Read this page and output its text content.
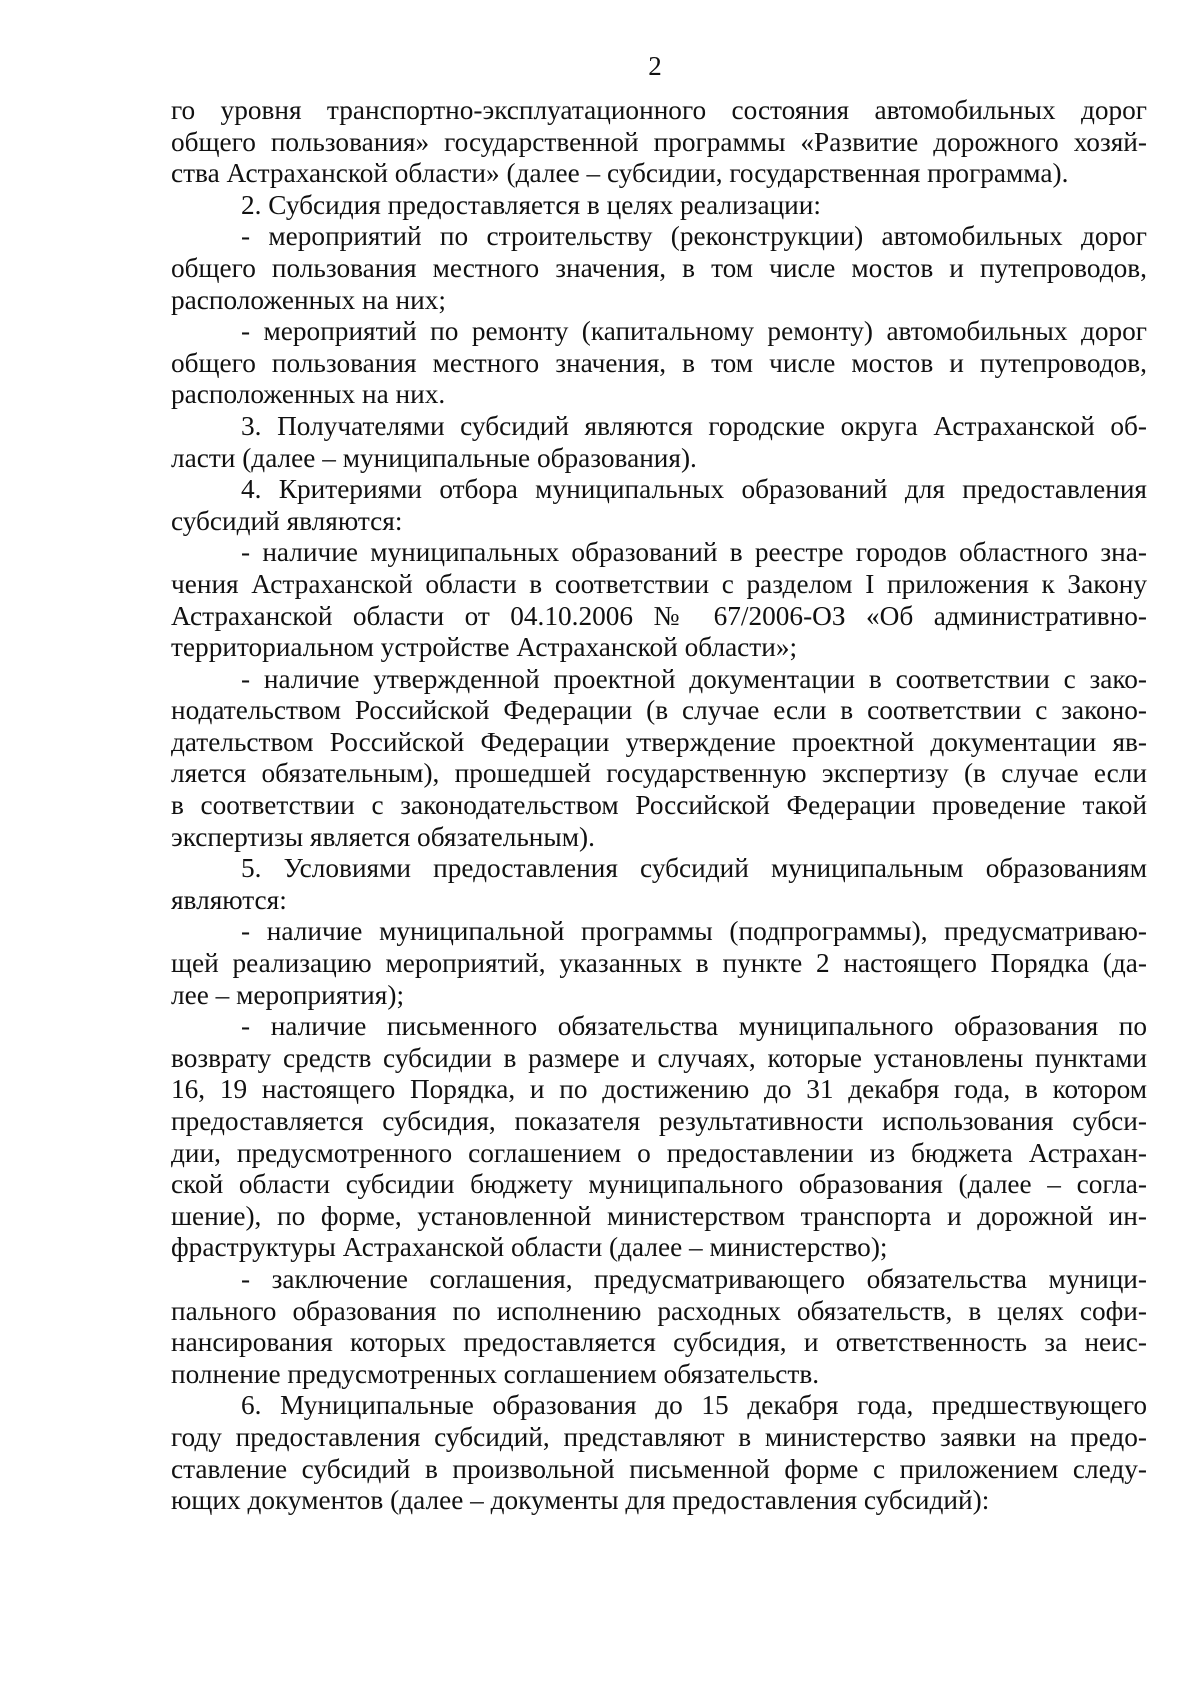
2
го уровня транспортно-эксплуатационного состояния автомобильных дорог
общего пользования» государственной программы «Развитие дорожного хозяй-
ства Астраханской области» (далее – субсидии, государственная программа).
2. Субсидия предоставляется в целях реализации:
- мероприятий по строительству (реконструкции) автомобильных дорог
общего пользования местного значения, в том числе мостов и путепроводов,
расположенных на них;
- мероприятий по ремонту (капитальному ремонту) автомобильных дорог
общего пользования местного значения, в том числе мостов и путепроводов,
расположенных на них.
3. Получателями субсидий являются городские округа Астраханской об-
ласти (далее – муниципальные образования).
4. Критериями отбора муниципальных образований для предоставления
субсидий являются:
- наличие муниципальных образований в реестре городов областного зна-
чения Астраханской области в соответствии с разделом I приложения к Закону
Астраханской области от 04.10.2006 № 67/2006-ОЗ «Об административно-
территориальном устройстве Астраханской области»;
- наличие утвержденной проектной документации в соответствии с зако-
нодательством Российской Федерации (в случае если в соответствии с законо-
дательством Российской Федерации утверждение проектной документации яв-
ляется обязательным), прошедшей государственную экспертизу (в случае если
в соответствии с законодательством Российской Федерации проведение такой
экспертизы является обязательным).
5. Условиями предоставления субсидий муниципальным образованиям
являются:
- наличие муниципальной программы (подпрограммы), предусматриваю-
щей реализацию мероприятий, указанных в пункте 2 настоящего Порядка (да-
лее – мероприятия);
- наличие письменного обязательства муниципального образования по
возврату средств субсидии в размере и случаях, которые установлены пунктами
16, 19 настоящего Порядка, и по достижению до 31 декабря года, в котором
предоставляется субсидия, показателя результативности использования субси-
дии, предусмотренного соглашением о предоставлении из бюджета Астрахан-
ской области субсидии бюджету муниципального образования (далее – согла-
шение), по форме, установленной министерством транспорта и дорожной ин-
фраструктуры Астраханской области (далее – министерство);
- заключение соглашения, предусматривающего обязательства муници-
пального образования по исполнению расходных обязательств, в целях софи-
нансирования которых предоставляется субсидия, и ответственность за неис-
полнение предусмотренных соглашением обязательств.
6. Муниципальные образования до 15 декабря года, предшествующего
году предоставления субсидий, представляют в министерство заявки на предо-
ставление субсидий в произвольной письменной форме с приложением следу-
ющих документов (далее – документы для предоставления субсидий):
